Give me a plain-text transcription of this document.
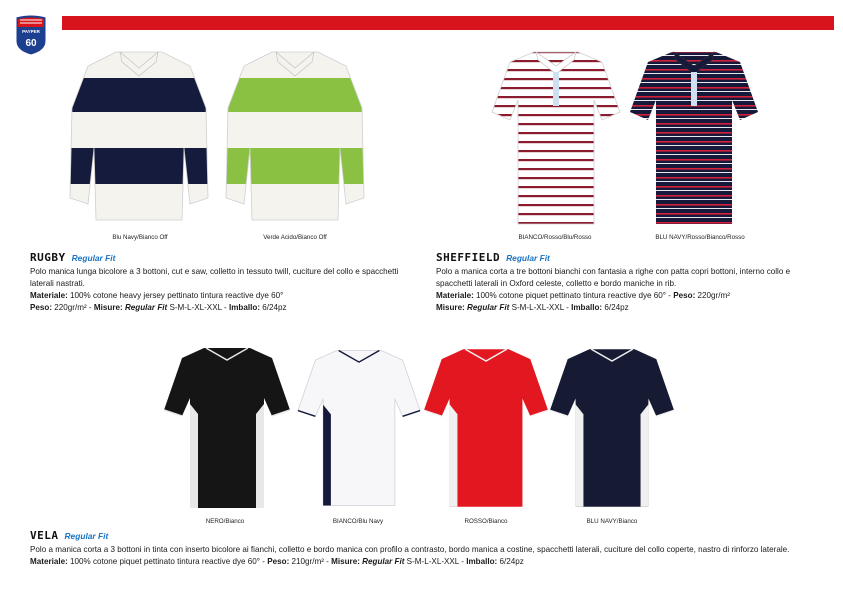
PAYPER
60
Blu Navy/Bianco Off	Verde Acido/Bianco Off	BIANCO/Rosso/Blu/Rosso	BLU NAVY/Rosso/Bianco/Rosso
RUGBY Regular Fit

Polo manica lunga bicolore a 3 bottoni, cut e saw, colletto in tessuto twill, cuciture del collo e spacchetti laterali nastrati.

Materiale: 100% cotone heavy jersey pettinato tintura reactive dye 60°

Peso: 220gr/m² - Misure: Regular Fit S-M-L-XL-XXL - Imballo: 6/24pz

SHEFFIELD Regular Fit

Polo a manica corta a tre bottoni bianchi con fantasia a righe con patta copri bottoni, interno collo e spacchetti laterali in Oxford celeste, colletto e bordo maniche in rib.

Materiale: 100% cotone piquet pettinato tintura reactive dye 60° - Peso: 220gr/m²

Misure: Regular Fit S-M-L-XL-XXL - Imballo: 6/24pz

NERO/Bianco	BIANCO/Blu Navy	ROSSO/Bianco	BLU NAVY/Bianco
VELA Regular Fit

Polo a manica corta a 3 bottoni in tinta con inserto bicolore ai fianchi, colletto e bordo manica con profilo a contrasto, bordo manica a costine, spacchetti laterali, cuciture del collo coperte, nastro di rinforzo laterale. Materiale: 100% cotone piquet pettinato tintura reactive dye 60° - Peso: 210gr/m² - Misure: Regular Fit S-M-L-XL-XXL - Imballo: 6/24pz
